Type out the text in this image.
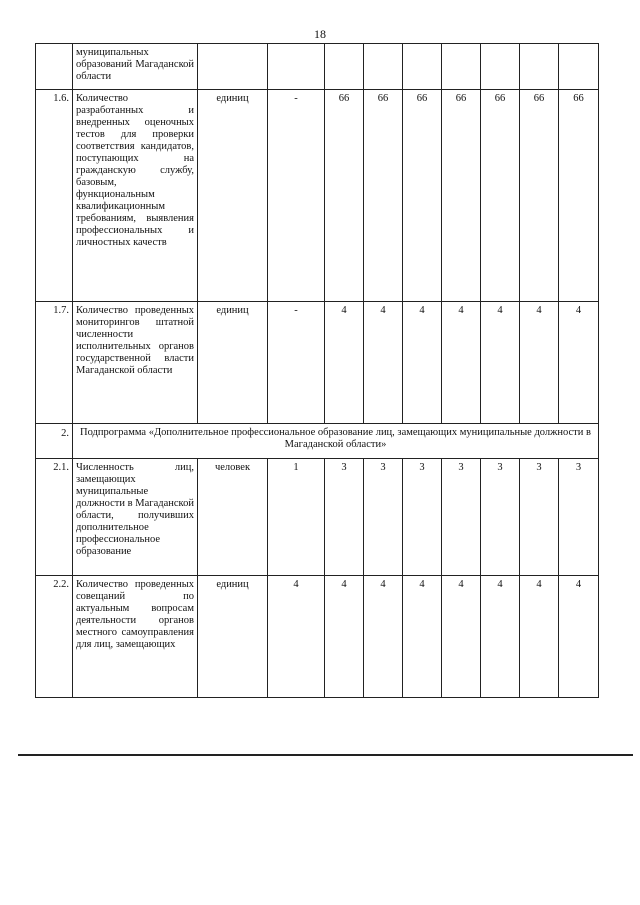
18
	муниципальных образований Магаданской области									
1.6.	Количество разработанных и внедренных оценочных тестов для проверки соответствия кандидатов, поступающих на гражданскую службу, базовым, функциональным квалификационным требованиям, выявления профессиональных и личностных качеств	единиц	-	66	66	66	66	66	66	66
1.7.	Количество проведенных мониторингов штатной численности исполнительных органов государственной власти Магаданской области	единиц	-	4	4	4	4	4	4	4
2.	Подпрограмма «Дополнительное профессиональное образование лиц, замещающих муниципальные должности в Магаданской области»									
2.1.	Численность лиц, замещающих муниципальные должности в Магаданской области, получивших дополнительное профессиональное образование	человек	1	3	3	3	3	3	3	3
2.2.	Количество проведенных совещаний по актуальным вопросам деятельности органов местного самоуправления для лиц, замещающих	единиц	4	4	4	4	4	4	4	4
